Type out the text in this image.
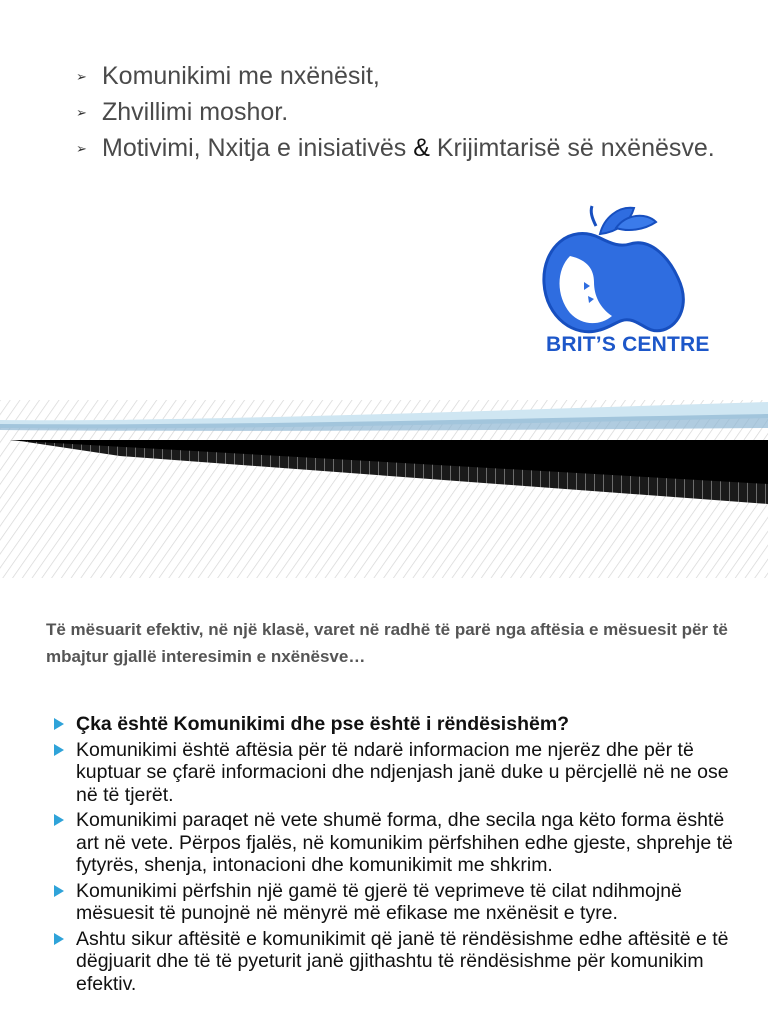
➢ Komunikimi me nxënësit,
➢ Zhvillimi moshor.
➢ Motivimi, Nxitja e inisiativës & Krijimtarisë së nxënësve.
BRIT’S CENTRE
Të mësuarit efektiv, në një klasë, varet në radhë të parë nga aftësia e mësuesit për të mbajtur gjallë interesimin e nxënësve…
Çka është Komunikimi dhe pse është i rëndësishëm?
Komunikimi është aftësia për të ndarë informacion me njerëz dhe për të kuptuar se çfarë informacioni dhe ndjenjash janë duke u përcjellë në ne ose në të tjerët.
Komunikimi paraqet në vete shumë forma, dhe secila nga këto forma është art në vete. Përpos fjalës, në komunikim përfshihen edhe gjeste, shprehje të fytyrës, shenja, intonacioni dhe komunikimit me shkrim.
Komunikimi përfshin një gamë të gjerë të veprimeve të cilat ndihmojnë mësuesit të punojnë në mënyrë më efikase me nxënësit e tyre.
Ashtu sikur aftësitë e komunikimit që janë të rëndësishme edhe aftësitë e të dëgjuarit dhe të të pyeturit janë gjithashtu të rëndësishme për komunikim efektiv.
